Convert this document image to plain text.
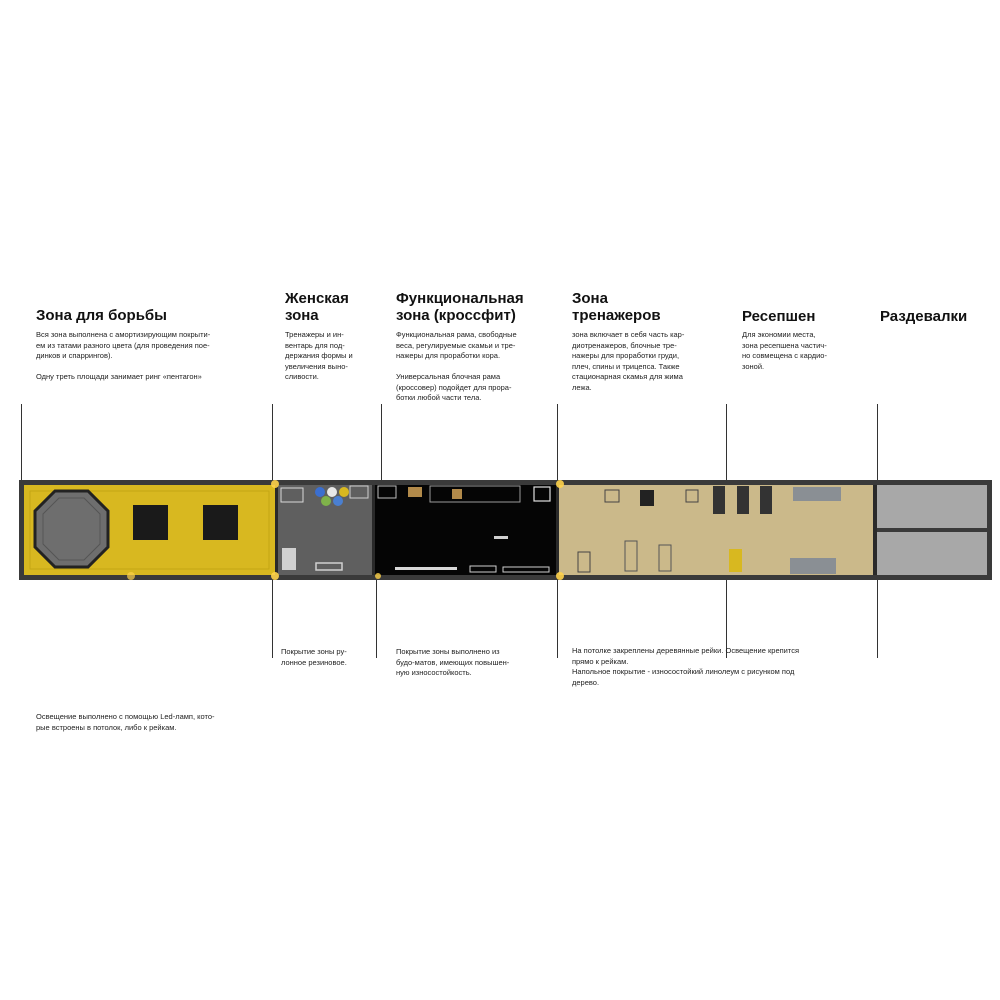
Зона для борьбы
Вся зона выполнена с амортизирующим покрыти-
ем из татами разного цвета (для проведения пое-
динков и спаррингов).

Одну треть площади занимает ринг «пентагон»
Освещение выполнено с помощью Led-ламп, кото-
рые встроены в потолок, либо к рейкам.
Женская
зона
Тренажеры и ин-
вентарь для под-
держания формы и
увеличения выно-
сливости.
Покрытие зоны ру-
лонное резиновое.
Функциональная
зона (кроссфит)
Функциональная рама, свободные
веса, регулируемые скамьи и тре-
нажеры для проработки кора.

Универсальная блочная рама
(кроссовер) подойдет для прора-
ботки любой части тела.
Покрытие зоны выполнено из
будо-матов, имеющих повышен-
ную износостойкость.
Зона
тренажеров
зона включает в себя часть кар-
диотренажеров, блочные тре-
нажеры для проработки груди,
плеч, спины и трицепса. Также
стационарная скамья для жима
лежа.
На потолке закреплены деревянные рейки. Освещение крепится
прямо к рейкам.
Напольное покрытие - износостойкий линолеум с рисунком под
дерево.
Ресепшен
Для экономии места,
зона ресепшена частич-
но совмещена с кардио-
зоной.
Раздевалки
